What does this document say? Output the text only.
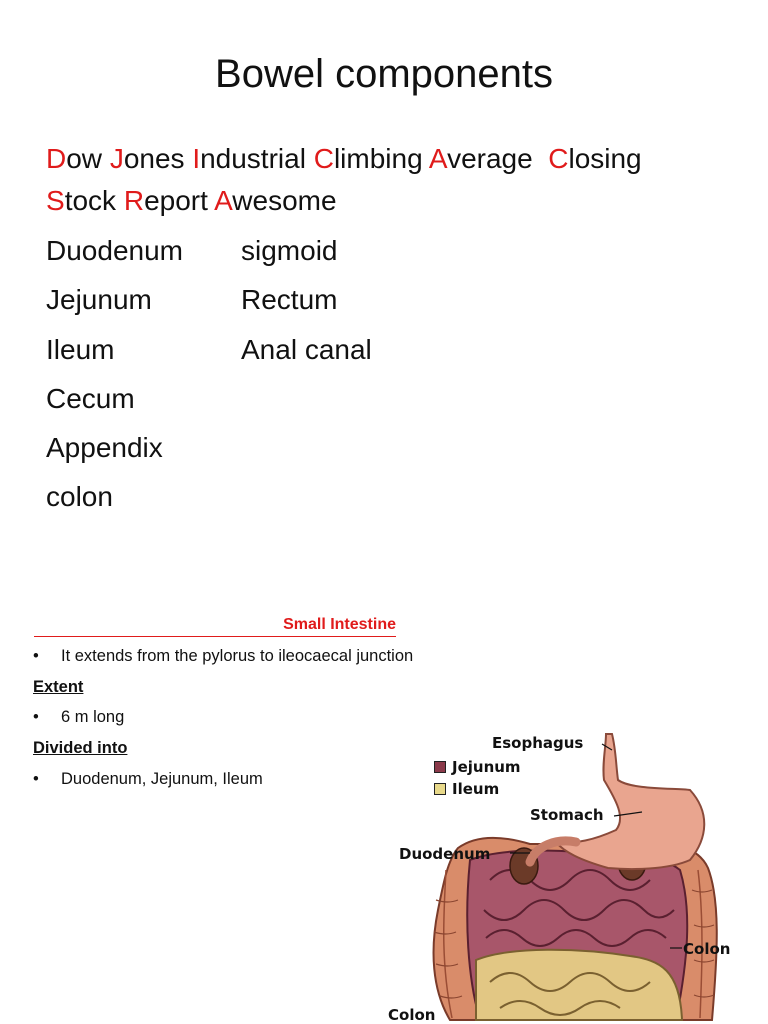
Bowel components
Dow Jones Industrial Climbing Average  Closing
Stock Report Awesome
Duodenum
Jejunum
Ileum
Cecum
Appendix
colon
sigmoid
Rectum
Anal canal
Small Intestine
• It extends from the pylorus to ileocaecal junction
Extent
• 6 m long
Divided into
• Duodenum, Jejunum, Ileum
Esophagus
Jejunum
Ileum
Stomach
Duodenum
Colon
Colon
